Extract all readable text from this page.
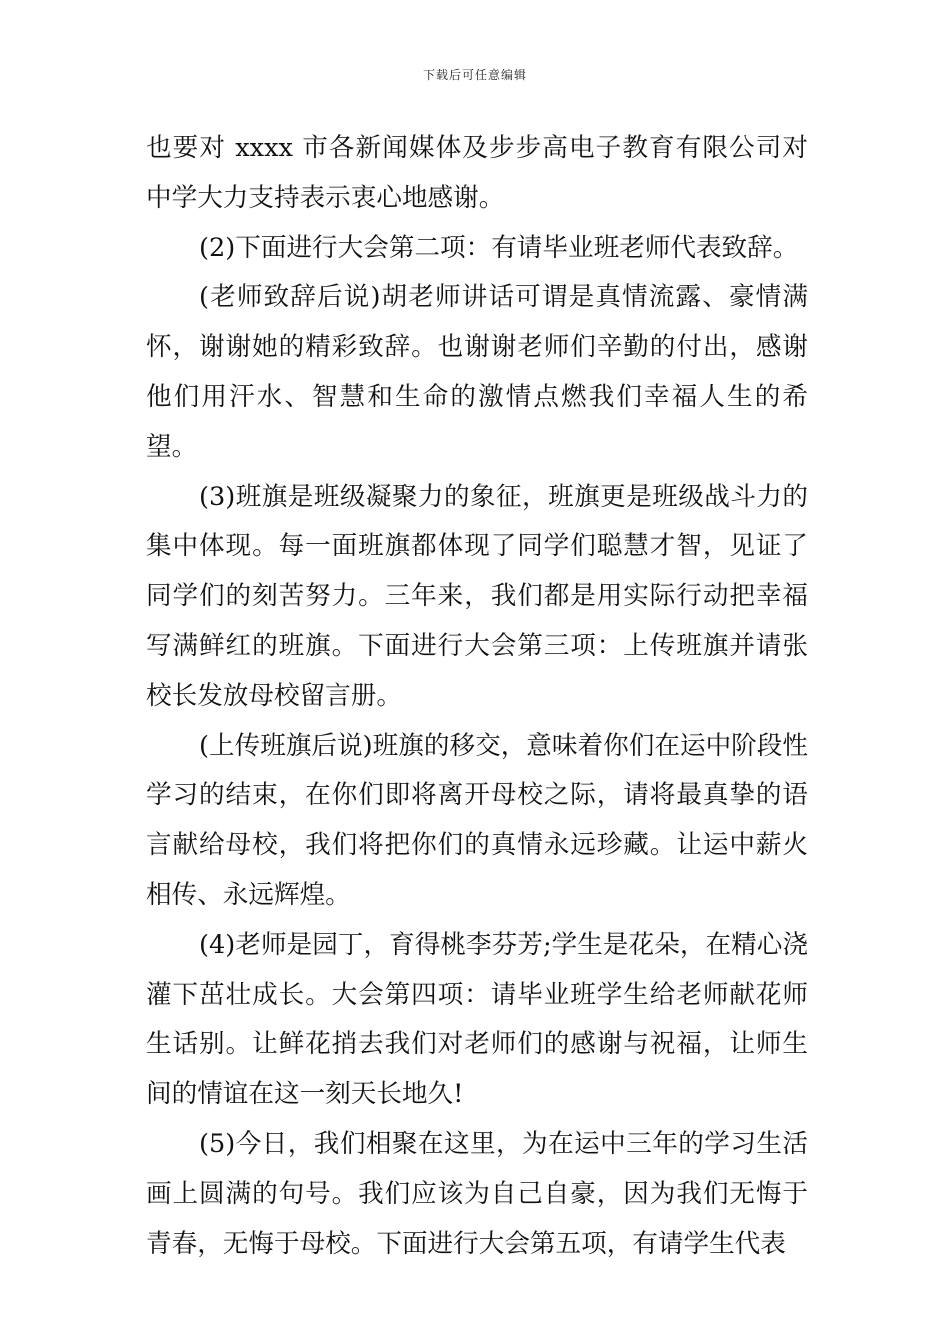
下载后可任意编辑

也要对 xxxx 市各新闻媒体及步步高电子教育有限公司对中学大力支持表示衷心地感谢。

(2)下面进行大会第二项：有请毕业班老师代表致辞。

(老师致辞后说)胡老师讲话可谓是真情流露、豪情满怀，谢谢她的精彩致辞。也谢谢老师们辛勤的付出，感谢他们用汗水、智慧和生命的激情点燃我们幸福人生的希望。

(3)班旗是班级凝聚力的象征，班旗更是班级战斗力的集中体现。每一面班旗都体现了同学们聪慧才智，见证了同学们的刻苦努力。三年来，我们都是用实际行动把幸福写满鲜红的班旗。下面进行大会第三项：上传班旗并请张校长发放母校留言册。

(上传班旗后说)班旗的移交，意味着你们在运中阶段性学习的结束，在你们即将离开母校之际，请将最真挚的语言献给母校，我们将把你们的真情永远珍藏。让运中薪火相传、永远辉煌。

(4)老师是园丁，育得桃李芬芳;学生是花朵，在精心浇灌下茁壮成长。大会第四项：请毕业班学生给老师献花师生话别。让鲜花捎去我们对老师们的感谢与祝福，让师生间的情谊在这一刻天长地久!

(5)今日，我们相聚在这里，为在运中三年的学习生活画上圆满的句号。我们应该为自己自豪，因为我们无悔于青春，无悔于母校。下面进行大会第五项，有请学生代表
